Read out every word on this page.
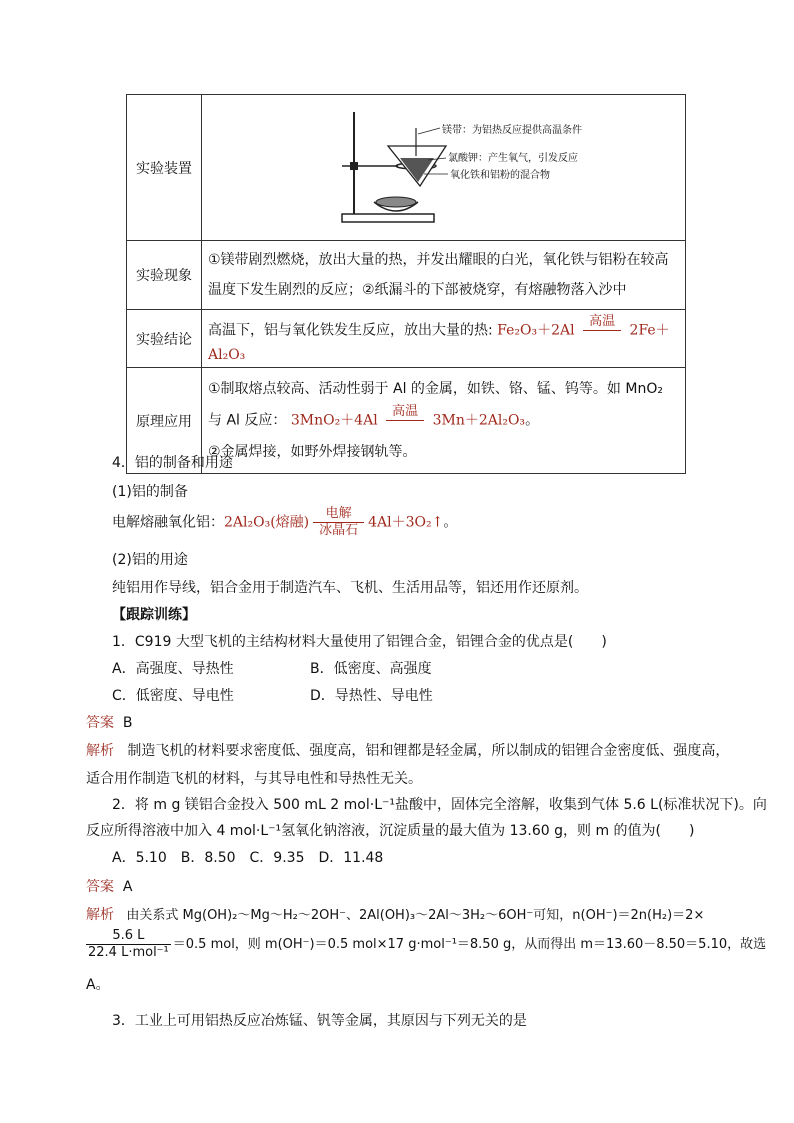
实验装置	镁带：为铝热反应提供高温条件
氯酸钾：产生氧气，引发反应
氧化铁和铝粉的混合物

实验现象	①镁带剧烈燃烧，放出大量的热，并发出耀眼的白光，氧化铁与铝粉在较高
温度下发生剧烈的反应；②纸漏斗的下部被烧穿，有熔融物落入沙中

实验结论	高温下，铝与氧化铁发生反应，放出大量的热: Fe₂O₃＋2Al
高温

2Fe＋Al₂O₃
原理应用	①制取熔点较高、活动性弱于 Al 的金属，如铁、铬、锰、钨等。如 MnO₂
与 Al 反应： 3MnO₂＋4Al
高温

3Mn＋2Al₂O₃。
②金属焊接，如野外焊接钢轨等。
4．铝的制备和用途
(1)铝的制备
电解熔融氧化铝：2Al₂O₃(熔融) $\frac{\text{电解}}{\text{冰晶石}}$ 4Al＋3O₂↑。
(2)铝的用途
纯铝用作导线，铝合金用于制造汽车、飞机、生活用品等，铝还用作还原剂。
【跟踪训练】
1．C919 大型飞机的主结构材料大量使用了铝锂合金，铝锂合金的优点是(　　)
A．高强度、导热性	B．低密度、高强度
C．低密度、导电性	D．导热性、导电性
答案 B
解析 制造飞机的材料要求密度低、强度高，铝和锂都是轻金属，所以制成的铝锂合金密度低、强度高，
适合用作制造飞机的材料，与其导电性和导热性无关。
2．将 m g 镁铝合金投入 500 mL 2 mol·L⁻¹盐酸中，固体完全溶解，收集到气体 5.6 L(标准状况下)。向
反应所得溶液中加入 4 mol·L⁻¹氢氧化钠溶液，沉淀质量的最大值为 13.60 g，则 m 的值为(　　)
A．5.10　B．8.50　C．9.35　D．11.48
答案 A
解析 由关系式 Mg(OH)₂～Mg～H₂～2OH⁻、2Al(OH)₃～2Al～3H₂～6OH⁻可知，n(OH⁻)＝2n(H₂)＝2×
5.6 L
22.4 L·mol⁻¹
＝0.5 mol，则 m(OH⁻)＝0.5 mol×17 g·mol⁻¹＝8.50 g，从而得出 m＝13.60－8.50＝5.10，故选
A。
3．工业上可用铝热反应冶炼锰、钒等金属，其原因与下列无关的是
